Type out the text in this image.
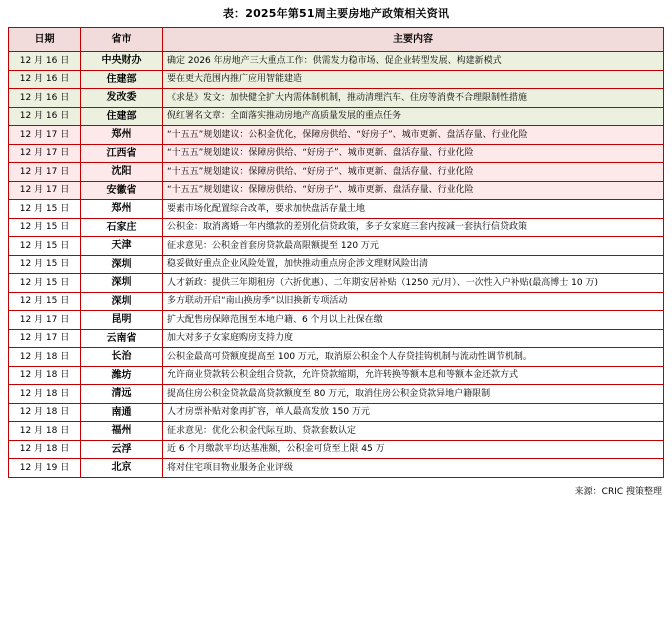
表：2025年第51周主要房地产政策相关资讯
日期	省市	主要内容
12 月 16 日	中央财办	确定 2026 年房地产三大重点工作：供需发力稳市场、促企业转型发展、构建新模式
12 月 16 日	住建部	要在更大范围内推广应用智能建造
12 月 16 日	发改委	《求是》发文：加快健全扩大内需体制机制，推动清理汽车、住房等消费不合理限制性措施
12 月 16 日	住建部	倪红署名文章：全面落实推动房地产高质量发展的重点任务
12 月 17 日	郑州	“十五五”规划建议：公积金优化，保障房供给、“好房子”、城市更新、盘活存量、行业化险
12 月 17 日	江西省	“十五五”规划建议：保障房供给、“好房子”、城市更新、盘活存量、行业化险
12 月 17 日	沈阳	“十五五”规划建议：保障房供给、“好房子”、城市更新、盘活存量、行业化险
12 月 17 日	安徽省	“十五五”规划建议：保障房供给、“好房子”、城市更新、盘活存量、行业化险
12 月 15 日	郑州	要素市场化配置综合改革，要求加快盘活存量土地
12 月 15 日	石家庄	公积金：取消离婚一年内缴款的差别化信贷政策，多子女家庭三套内按减一套执行信贷政策
12 月 15 日	天津	征求意见：公积金首套房贷款最高限额提至 120 万元
12 月 15 日	深圳	稳妥做好重点企业风险处置，加快推动重点房企涉文理财风险出清
12 月 15 日	深圳	人才新政：提供三年期租房（六折优惠）、二年期安居补贴（1250 元/月）、一次性入户补贴(最高博士 10 万)
12 月 15 日	深圳	多方联动开启“南山换房季”以旧换新专项活动
12 月 17 日	昆明	扩大配售房保障范围至本地户籍、6 个月以上社保在缴
12 月 17 日	云南省	加大对多子女家庭购房支持力度
12 月 18 日	长治	公积金最高可贷额度提高至 100 万元，取消原公积金个人存贷挂钩机制与流动性调节机制。
12 月 18 日	潍坊	允许商业贷款转公积金组合贷款，允许贷款缩期，允许转换等额本息和等额本金还款方式
12 月 18 日	清远	提高住房公积金贷款最高贷款额度至 80 万元，取消住房公积金贷款异地户籍限制
12 月 18 日	南通	人才房票补贴对象再扩容，单人最高发放 150 万元
12 月 18 日	福州	征求意见：优化公积金代际互助、贷款套数认定
12 月 18 日	云浮	近 6 个月缴款平均达基准额，公积金可贷至上限 45 万
12 月 19 日	北京	将对住宅项目物业服务企业评级
来源：CRIC 搜策整理
